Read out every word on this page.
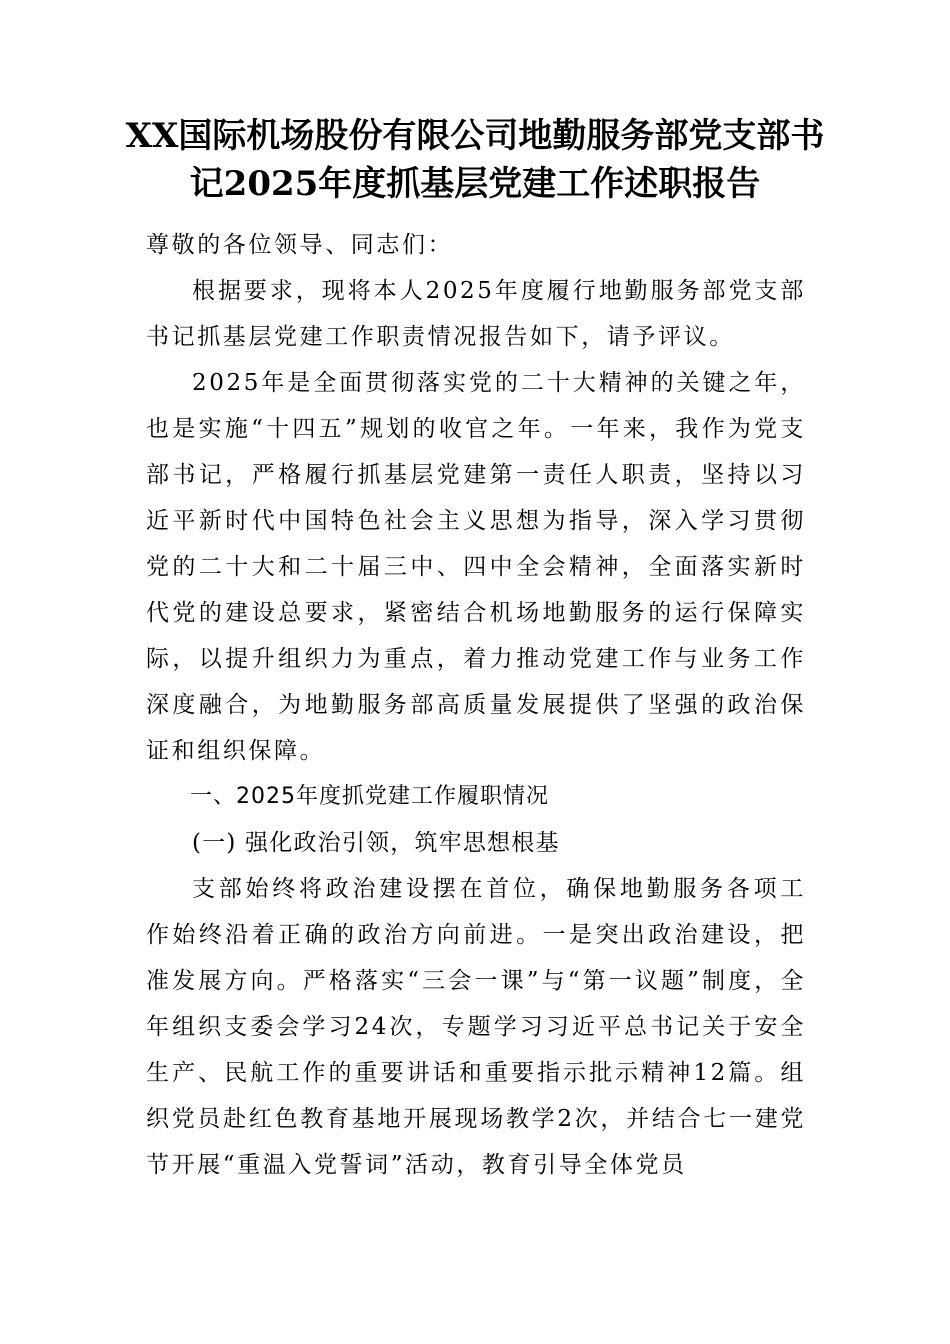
XX国际机场股份有限公司地勤服务部党支部书记2025年度抓基层党建工作述职报告

尊敬的各位领导、同志们：

根据要求，现将本人2025年度履行地勤服务部党支部书记抓基层党建工作职责情况报告如下，请予评议。

2025年是全面贯彻落实党的二十大精神的关键之年，也是实施“十四五”规划的收官之年。一年来，我作为党支部书记，严格履行抓基层党建第一责任人职责，坚持以习近平新时代中国特色社会主义思想为指导，深入学习贯彻党的二十大和二十届三中、四中全会精神，全面落实新时代党的建设总要求，紧密结合机场地勤服务的运行保障实际，以提升组织力为重点，着力推动党建工作与业务工作深度融合，为地勤服务部高质量发展提供了坚强的政治保证和组织保障。

一、2025年度抓党建工作履职情况

(一) 强化政治引领，筑牢思想根基

支部始终将政治建设摆在首位，确保地勤服务各项工作始终沿着正确的政治方向前进。一是突出政治建设，把准发展方向。严格落实“三会一课”与“第一议题”制度，全年组织支委会学习24次，专题学习习近平总书记关于安全生产、民航工作的重要讲话和重要指示批示精神12篇。组织党员赴红色教育基地开展现场教学2次，并结合七一建党节开展“重温入党誓词”活动，教育引导全体党员
